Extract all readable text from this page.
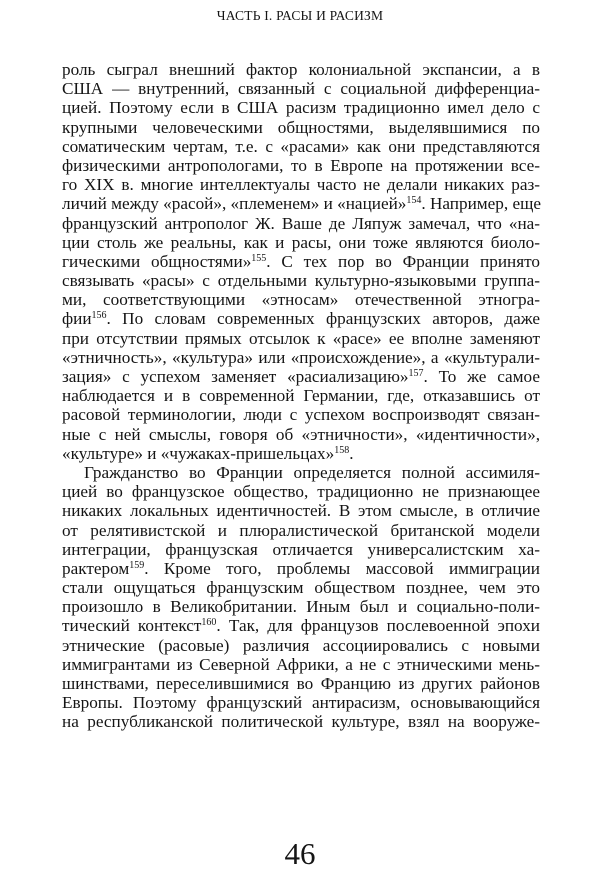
ЧАСТЬ I. РАСЫ И РАСИЗМ
роль сыграл внешний фактор колониальной экспансии, а в
США — внутренний, связанный с социальной дифференциа-
цией. Поэтому если в США расизм традиционно имел дело с
крупными человеческими общностями, выделявшимися по
соматическим чертам, т.е. с «расами» как они представляются
физическими антропологами, то в Европе на протяжении все-
го XIX в. многие интеллектуалы часто не делали никаких раз-
личий между «расой», «племенем» и «нацией»$^{154}$. Например, еще
французский антрополог Ж. Ваше де Ляпуж замечал, что «на-
ции столь же реальны, как и расы, они тоже являются биоло-
гическими общностями»$^{155}$. С тех пор во Франции принято
связывать «расы» с отдельными культурно-языковыми группа-
ми, соответствующими «этносам» отечественной этногра-
фии$^{156}$. По словам современных французских авторов, даже
при отсутствии прямых отсылок к «расе» ее вполне заменяют
«этничность», «культура» или «происхождение», а «культурали-
зация» с успехом заменяет «расиализацию»$^{157}$. То же самое
наблюдается и в современной Германии, где, отказавшись от
расовой терминологии, люди с успехом воспроизводят связан-
ные с ней смыслы, говоря об «этничности», «идентичности»,
«культуре» и «чужаках-пришельцах»$^{158}$.
Гражданство во Франции определяется полной ассимиля-
цией во французское общество, традиционно не признающее
никаких локальных идентичностей. В этом смысле, в отличие
от релятивистской и плюралистической британской модели
интеграции, французская отличается универсалистским ха-
рактером$^{159}$. Кроме того, проблемы массовой иммиграции
стали ощущаться французским обществом позднее, чем это
произошло в Великобритании. Иным был и социально-поли-
тический контекст$^{160}$. Так, для французов послевоенной эпохи
этнические (расовые) различия ассоциировались с новыми
иммигрантами из Северной Африки, а не с этническими мень-
шинствами, переселившимися во Францию из других районов
Европы. Поэтому французский антирасизм, основывающийся
на республиканской политической культуре, взял на вооруже-
46
